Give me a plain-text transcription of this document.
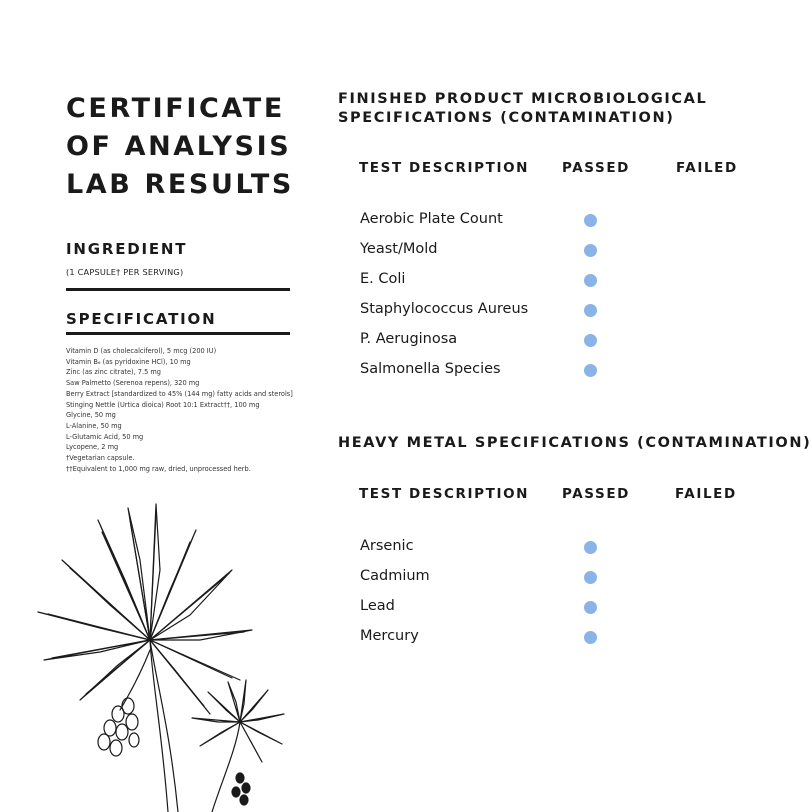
CERTIFICATE
OF ANALYSIS
LAB RESULTS
INGREDIENT
(1 CAPSULE† PER SERVING)
SPECIFICATION
Vitamin D (as cholecalciferol), 5 mcg (200 IU)
Vitamin B₆ (as pyridoxine HCl), 10 mg
Zinc (as zinc citrate), 7.5 mg
Saw Palmetto (Serenoa repens), 320 mg
Berry Extract [standardized to 45% (144 mg) fatty acids and sterols]
Stinging Nettle (Urtica dioica) Root 10:1 Extract††, 100 mg
Glycine, 50 mg
L-Alanine, 50 mg
L-Glutamic Acid, 50 mg
Lycopene, 2 mg
†Vegetarian capsule.
††Equivalent to 1,000 mg raw, dried, unprocessed herb.
FINISHED PRODUCT MICROBIOLOGICAL
SPECIFICATIONS (CONTAMINATION)
TEST DESCRIPTION PASSED	FAILED
Aerobic Plate Count
Yeast/Mold
E. Coli
Staphylococcus Aureus
P. Aeruginosa
Salmonella Species
HEAVY METAL SPECIFICATIONS (CONTAMINATION)
TEST DESCRIPTION PASSED	FAILED
Arsenic
Cadmium
Lead
Mercury
